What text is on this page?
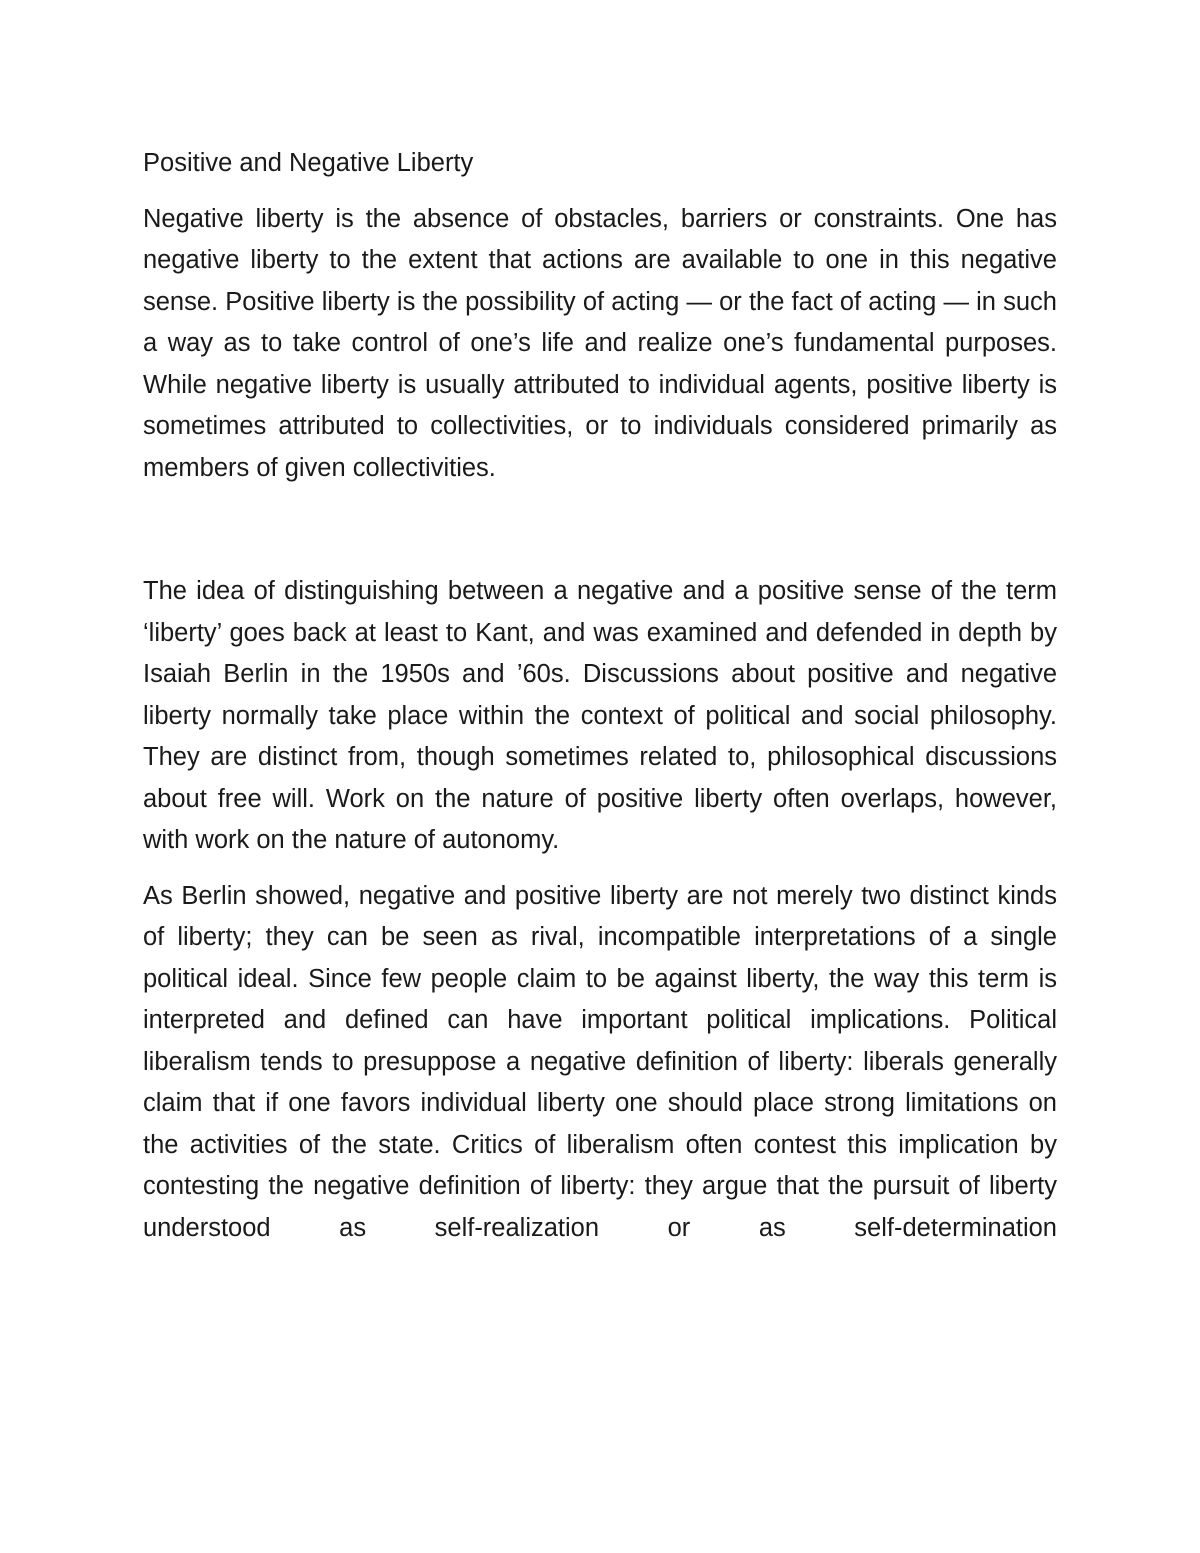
Positive and Negative Liberty

Negative liberty is the absence of obstacles, barriers or constraints. One has negative liberty to the extent that actions are available to one in this negative sense. Positive liberty is the possibility of acting — or the fact of acting — in such a way as to take control of one’s life and realize one’s fundamental purposes. While negative liberty is usually attributed to individual agents, positive liberty is sometimes attributed to collectivities, or to individuals considered primarily as members of given collectivities.

The idea of distinguishing between a negative and a positive sense of the term ‘liberty’ goes back at least to Kant, and was examined and defended in depth by Isaiah Berlin in the 1950s and ’60s. Discussions about positive and negative liberty normally take place within the context of political and social philosophy. They are distinct from, though sometimes related to, philosophical discussions about free will. Work on the nature of positive liberty often overlaps, however, with work on the nature of autonomy.

As Berlin showed, negative and positive liberty are not merely two distinct kinds of liberty; they can be seen as rival, incompatible interpretations of a single political ideal. Since few people claim to be against liberty, the way this term is interpreted and defined can have important political implications. Political liberalism tends to presuppose a negative definition of liberty: liberals generally claim that if one favors individual liberty one should place strong limitations on the activities of the state. Critics of liberalism often contest this implication by contesting the negative definition of liberty: they argue that the pursuit of liberty understood as self-realization or as self-determination
